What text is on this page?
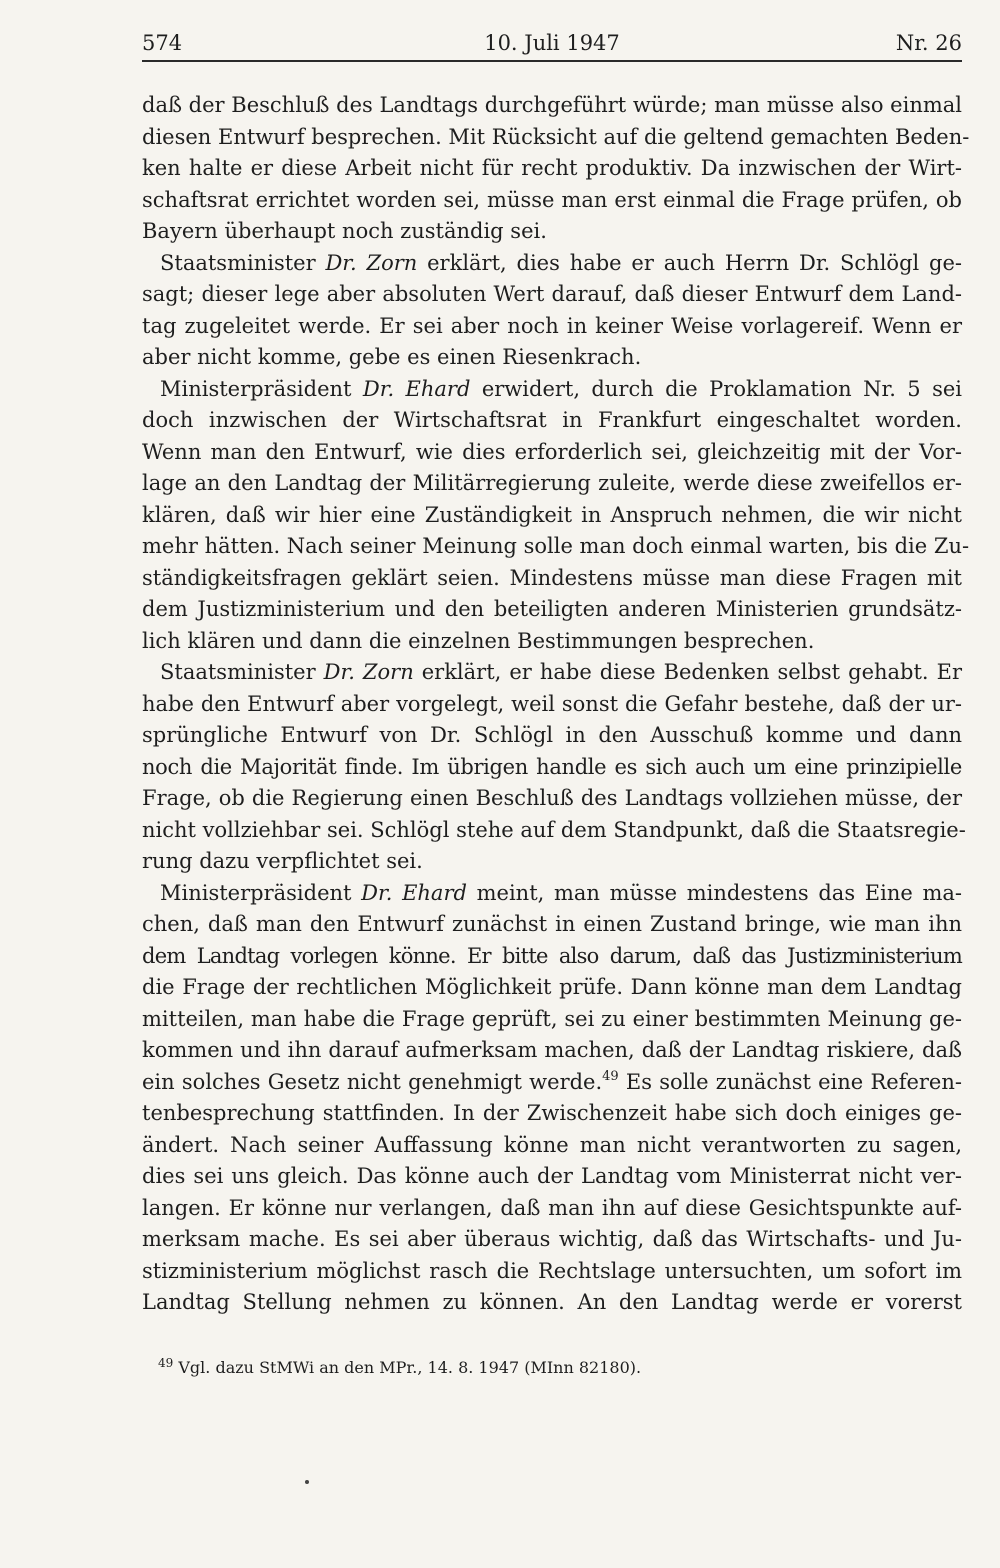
574	10. Juli 1947	Nr. 26
daß der Beschluß des Landtags durchgeführt würde; man müsse also einmal
diesen Entwurf besprechen. Mit Rücksicht auf die geltend gemachten Beden-
ken halte er diese Arbeit nicht für recht produktiv. Da inzwischen der Wirt-
schaftsrat errichtet worden sei, müsse man erst einmal die Frage prüfen, ob
Bayern überhaupt noch zuständig sei.
Staatsminister Dr. Zorn erklärt, dies habe er auch Herrn Dr. Schlögl ge-
sagt; dieser lege aber absoluten Wert darauf, daß dieser Entwurf dem Land-
tag zugeleitet werde. Er sei aber noch in keiner Weise vorlagereif. Wenn er
aber nicht komme, gebe es einen Riesenkrach.
Ministerpräsident Dr. Ehard erwidert, durch die Proklamation Nr. 5 sei
doch inzwischen der Wirtschaftsrat in Frankfurt eingeschaltet worden.
Wenn man den Entwurf, wie dies erforderlich sei, gleichzeitig mit der Vor-
lage an den Landtag der Militärregierung zuleite, werde diese zweifellos er-
klären, daß wir hier eine Zuständigkeit in Anspruch nehmen, die wir nicht
mehr hätten. Nach seiner Meinung solle man doch einmal warten, bis die Zu-
ständigkeitsfragen geklärt seien. Mindestens müsse man diese Fragen mit
dem Justizministerium und den beteiligten anderen Ministerien grundsätz-
lich klären und dann die einzelnen Bestimmungen besprechen.
Staatsminister Dr. Zorn erklärt, er habe diese Bedenken selbst gehabt. Er
habe den Entwurf aber vorgelegt, weil sonst die Gefahr bestehe, daß der ur-
sprüngliche Entwurf von Dr. Schlögl in den Ausschuß komme und dann
noch die Majorität finde. Im übrigen handle es sich auch um eine prinzipielle
Frage, ob die Regierung einen Beschluß des Landtags vollziehen müsse, der
nicht vollziehbar sei. Schlögl stehe auf dem Standpunkt, daß die Staatsregie-
rung dazu verpflichtet sei.
Ministerpräsident Dr. Ehard meint, man müsse mindestens das Eine ma-
chen, daß man den Entwurf zunächst in einen Zustand bringe, wie man ihn
dem Landtag vorlegen könne. Er bitte also darum, daß das Justizministerium
die Frage der rechtlichen Möglichkeit prüfe. Dann könne man dem Landtag
mitteilen, man habe die Frage geprüft, sei zu einer bestimmten Meinung ge-
kommen und ihn darauf aufmerksam machen, daß der Landtag riskiere, daß
ein solches Gesetz nicht genehmigt werde.$^{49}$ Es solle zunächst eine Referen-
tenbesprechung stattfinden. In der Zwischenzeit habe sich doch einiges ge-
ändert. Nach seiner Auffassung könne man nicht verantworten zu sagen,
dies sei uns gleich. Das könne auch der Landtag vom Ministerrat nicht ver-
langen. Er könne nur verlangen, daß man ihn auf diese Gesichtspunkte auf-
merksam mache. Es sei aber überaus wichtig, daß das Wirtschafts- und Ju-
stizministerium möglichst rasch die Rechtslage untersuchten, um sofort im
Landtag Stellung nehmen zu können. An den Landtag werde er vorerst
$^{49}$ Vgl. dazu StMWi an den MPr., 14. 8. 1947 (MInn 82180).
